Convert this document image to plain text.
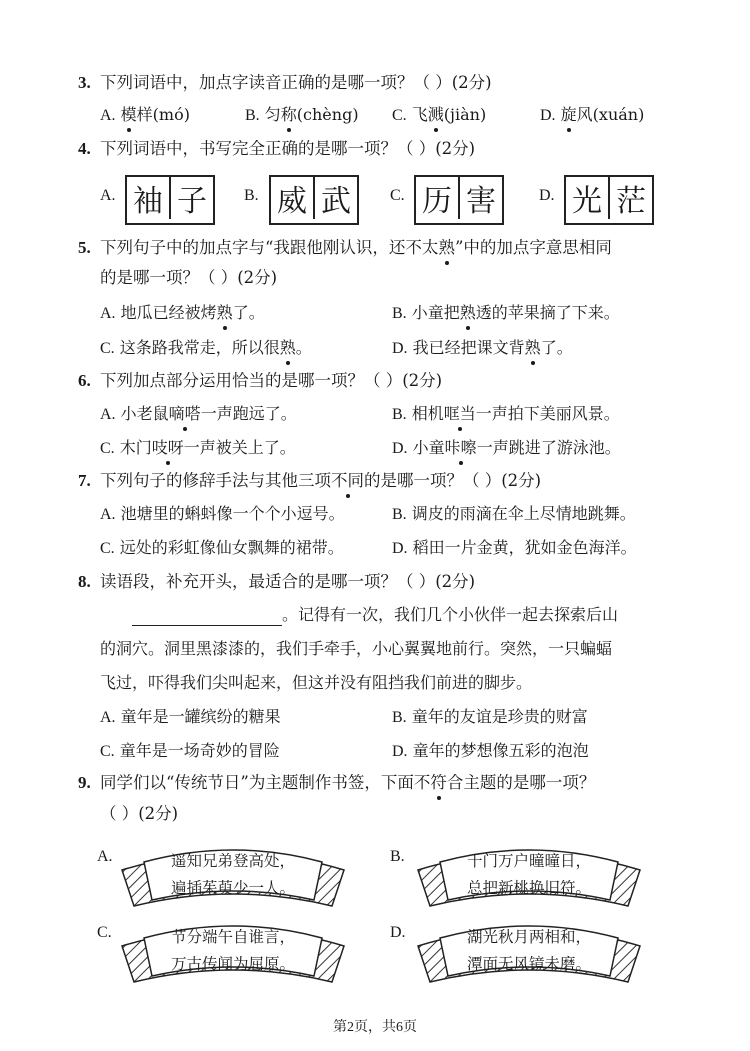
3. 下列词语中，加点字读音正确的是哪一项？（ ）(2分)
A. 模样(mó)	B. 匀称(chèng) C. 飞溅(jiàn)	D. 旋风(xuán)
4. 下列词语中，书写完全正确的是哪一项？（ ）(2分)
A. 袖 子	B. 威 武	C. 历 害	D. 光 茫
5. 下列句子中的加点字与“我跟他刚认识，还不太熟”中的加点字意思相同
的是哪一项？（ ）(2分)
A. 地瓜已经被烤熟了。	B. 小童把熟透的苹果摘了下来。
C. 这条路我常走，所以很熟。	D. 我已经把课文背熟了。
6. 下列加点部分运用恰当的是哪一项？（ ）(2分)
A. 小老鼠嘀嗒一声跑远了。	B. 相机哐当一声拍下美丽风景。
C. 木门吱呀一声被关上了。	D. 小童咔嚓一声跳进了游泳池。
7. 下列句子的修辞手法与其他三项不同的是哪一项？（ ）(2分)
A. 池塘里的蝌蚪像一个个小逗号。	B. 调皮的雨滴在伞上尽情地跳舞。
C. 远处的彩虹像仙女飘舞的裙带。	D. 稻田一片金黄，犹如金色海洋。
8. 读语段，补充开头，最适合的是哪一项？（ ）(2分)
。记得有一次，我们几个小伙伴一起去探索后山
的洞穴。洞里黑漆漆的，我们手牵手，小心翼翼地前行。突然，一只蝙蝠
飞过，吓得我们尖叫起来，但这并没有阻挡我们前进的脚步。
A. 童年是一罐缤纷的糖果	B. 童年的友谊是珍贵的财富
C. 童年是一场奇妙的冒险	D. 童年的梦想像五彩的泡泡
9. 同学们以“传统节日”为主题制作书签，下面不符合主题的是哪一项？
（ ）(2分)
A.	遥知兄弟登高处，
遍插茱萸少一人。
B.	千门万户曈曈日，
总把新桃换旧符。
C.	节分端午自谁言，
万古传闻为屈原。
D.	湖光秋月两相和，
潭面无风镜未磨。
第2页，共6页
